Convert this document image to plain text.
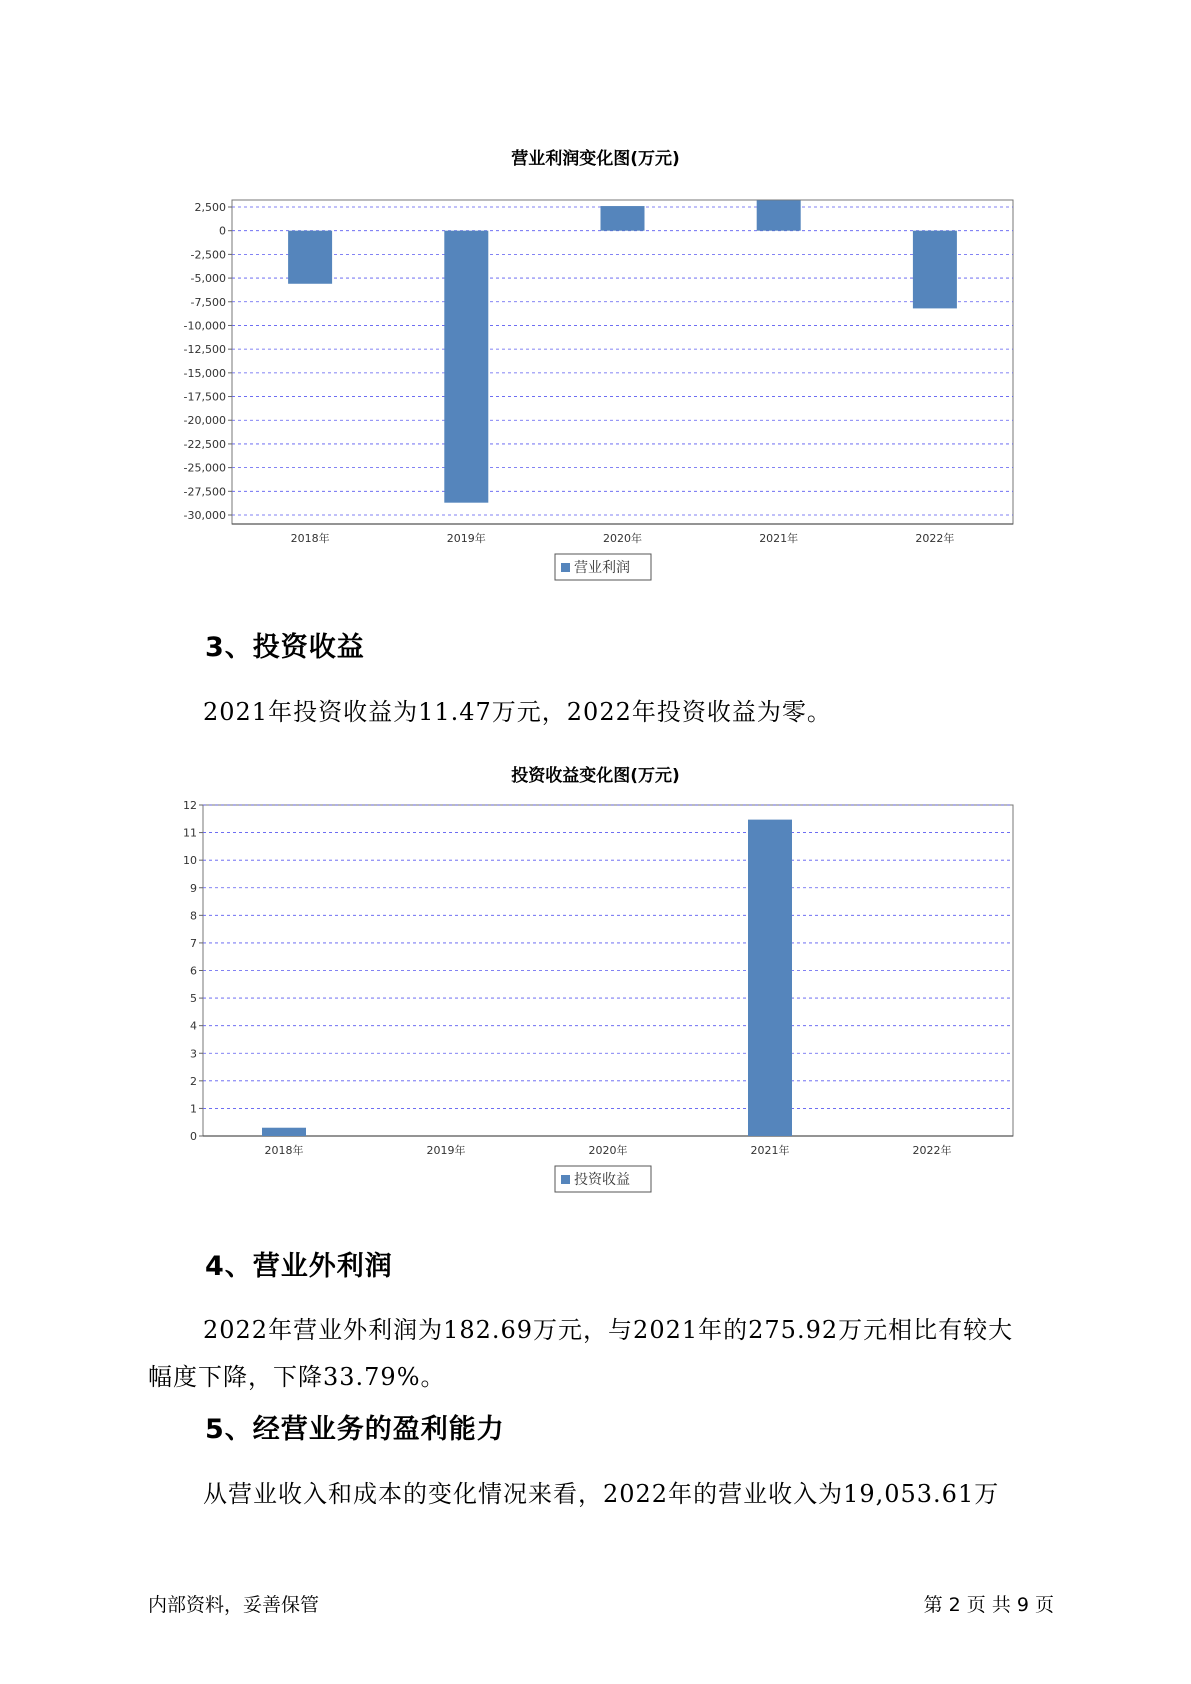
营业利润变化图(万元)
2,500
0
-2,500
-5,000
-7,500
-10,000
-12,500
-15,000
-17,500
-20,000
-22,500
-25,000
-27,500
-30,000
2018年	2019年	2020年	2021年	2022年
营业利润
3、投资收益
2021年投资收益为11.47万元，2022年投资收益为零。
投资收益变化图(万元)
12
11
10
9
8
7
6
5
4
3
2
1
0
2018年	2019年	2020年	2021年	2022年
投资收益
4、营业外利润
2022年营业外利润为182.69万元，与2021年的275.92万元相比有较大
幅度下降，下降33.79%。
5、经营业务的盈利能力
从营业收入和成本的变化情况来看，2022年的营业收入为19,053.61万
内部资料，妥善保管	第 2 页 共 9 页
